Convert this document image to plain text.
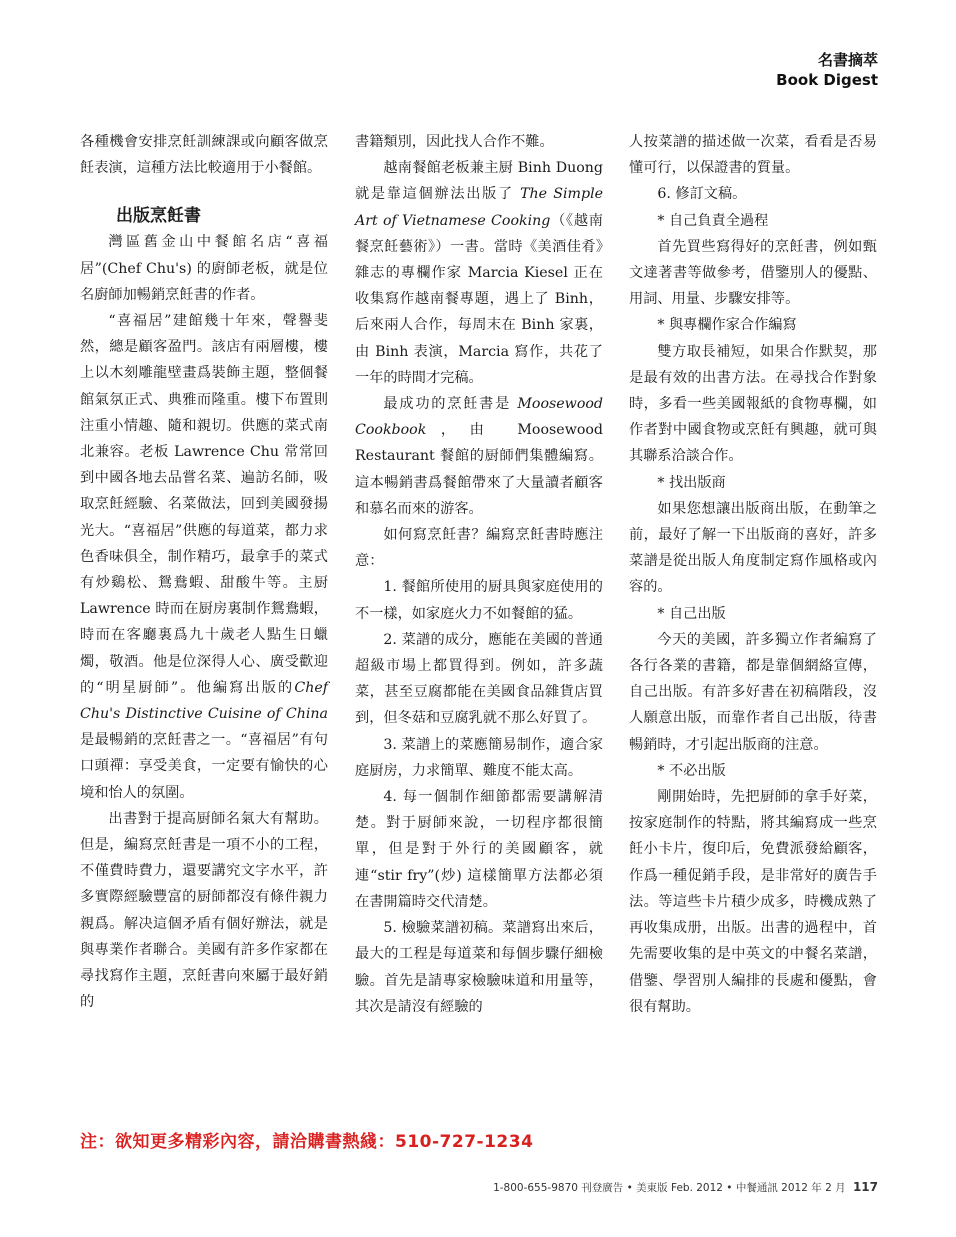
名書摘萃
Book Digest

各種機會安排烹飪訓練課或向顧客做烹飪表演，這種方法比較適用于小餐館。

出版烹飪書

灣區舊金山中餐館名店“喜福居”(Chef Chu's) 的廚師老板，就是位名廚師加暢銷烹飪書的作者。

“喜福居”建館幾十年來，聲譽斐然，總是顧客盈門。該店有兩層樓，樓上以木刻雕龍壁畫爲裝飾主題，整個餐館氣氛正式、典雅而隆重。樓下布置則注重小情趣、隨和親切。供應的菜式南北兼容。老板 Lawrence Chu 常常回到中國各地去品嘗名菜、遍訪名師，吸取烹飪經驗、名菜做法，回到美國發揚光大。“喜福居”供應的每道菜，都力求色香味俱全，制作精巧，最拿手的菜式有炒鷄松、鴛鴦蝦、甜酸牛等。主厨 Lawrence 時而在厨房裏制作鴛鴦蝦，時而在客廳裏爲九十歲老人點生日蠟燭，敬酒。他是位深得人心、廣受歡迎的“明星厨師”。他編寫出版的Chef Chu's Distinctive Cuisine of China 是最暢銷的烹飪書之一。“喜福居”有句口頭禪：享受美食，一定要有愉快的心境和怡人的氛圍。

出書對于提高厨師名氣大有幫助。但是，編寫烹飪書是一項不小的工程，不僅費時費力，還要講究文字水平，許多實際經驗豐富的厨師都沒有條件親力親爲。解决這個矛盾有個好辦法，就是與專業作者聯合。美國有許多作家都在尋找寫作主題，烹飪書向來屬于最好銷的

書籍類別，因此找人合作不難。

越南餐館老板兼主厨 Binh Duong 就是靠這個辦法出版了 The Simple Art of Vietnamese Cooking（《越南餐烹飪藝術》）一書。當時《美酒佳肴》雜志的專欄作家 Marcia Kiesel 正在收集寫作越南餐專題，遇上了 Binh，后來兩人合作，每周末在 Binh 家裏，由 Binh 表演，Marcia 寫作，共花了一年的時間才完稿。

最成功的烹飪書是 Moosewood Cookbook，由 Moosewood Restaurant 餐館的厨師們集體編寫。這本暢銷書爲餐館帶來了大量讀者顧客和慕名而來的游客。

如何寫烹飪書？編寫烹飪書時應注意：

1. 餐館所使用的厨具與家庭使用的不一樣，如家庭火力不如餐館的猛。

2. 菜譜的成分，應能在美國的普通超級市場上都買得到。例如，許多蔬菜，甚至豆腐都能在美國食品雜貨店買到，但冬菇和豆腐乳就不那么好買了。

3. 菜譜上的菜應簡易制作，適合家庭厨房，力求簡單、難度不能太高。

4. 每一個制作細節都需要講解清楚。對于厨師來說，一切程序都很簡單，但是對于外行的美國顧客，就連“stir fry”(炒) 這樣簡單方法都必須在書開篇時交代清楚。

5. 檢驗菜譜初稿。菜譜寫出來后，最大的工程是每道菜和每個步驟仔細檢驗。首先是請專家檢驗味道和用量等，其次是請沒有經驗的

人按菜譜的描述做一次菜，看看是否易懂可行，以保證書的質量。

6. 修訂文稿。

* 自己負責全過程

首先買些寫得好的烹飪書，例如甄文達著書等做參考，借鑒別人的優點、用詞、用量、步驟安排等。

* 與專欄作家合作編寫

雙方取長補短，如果合作默契，那是最有效的出書方法。在尋找合作對象時，多看一些美國報紙的食物專欄，如作者對中國食物或烹飪有興趣，就可與其聯系洽談合作。

* 找出版商

如果您想讓出版商出版，在動筆之前，最好了解一下出版商的喜好，許多菜譜是從出版人角度制定寫作風格或內容的。

* 自己出版

今天的美國，許多獨立作者編寫了各行各業的書籍，都是靠個網絡宣傳，自己出版。有許多好書在初稿階段，沒人願意出版，而靠作者自己出版，待書暢銷時，才引起出版商的注意。

* 不必出版

剛開始時，先把厨師的拿手好菜，按家庭制作的特點，將其編寫成一些烹飪小卡片，復印后，免費派發給顧客，作爲一種促銷手段，是非常好的廣告手法。等這些卡片積少成多，時機成熟了再收集成册，出版。出書的過程中，首先需要收集的是中英文的中餐名菜譜，借鑒、學習別人編排的長處和優點，會很有幫助。

注：欲知更多精彩內容，請洽購書熱綫：510-727-1234
1-800-655-9870 刊登廣告 • 美東版 Feb. 2012 • 中餐通訊 2012 年 2 月 117
